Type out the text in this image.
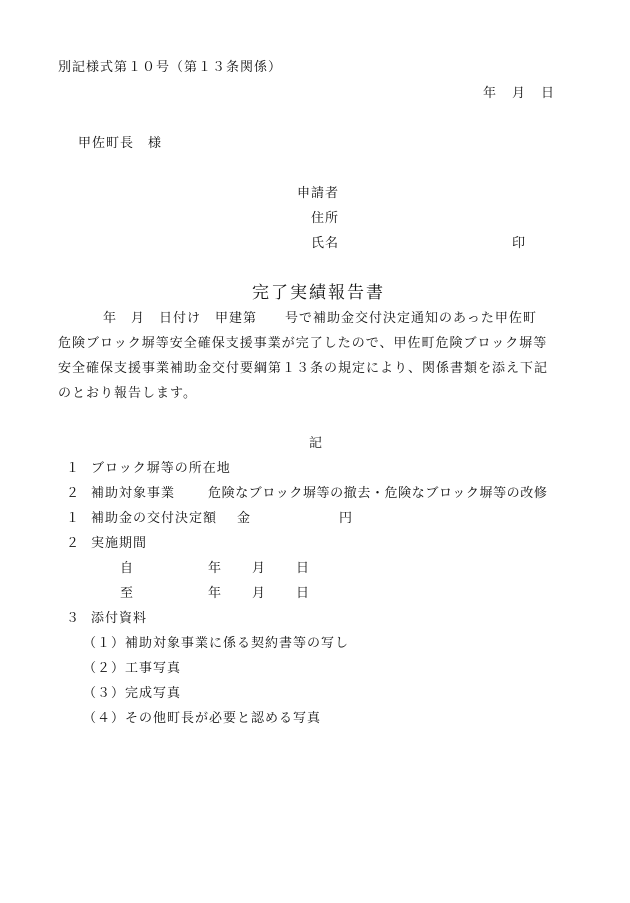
別記様式第１０号（第１３条関係）
年 月 日
甲佐町長　様
申請者
住所
氏名	印
完了実績報告書
年　月　日付け　甲建第　　号で補助金交付決定通知のあった甲佐町
危険ブロック塀等安全確保支援事業が完了したので、甲佐町危険ブロック塀等
安全確保支援事業補助金交付要綱第１３条の規定により、関係書類を添え下記
のとおり報告します。
記
１ ブロック塀等の所在地
２ 補助対象事業	危険なブロック塀等の撤去・危険なブロック塀等の改修
１ 補助金の交付決定額 金	円
２ 実施期間
自	年 月 日
至	年 月 日
３ 添付資料
（１）補助対象事業に係る契約書等の写し
（２）工事写真
（３）完成写真
（４）その他町長が必要と認める写真
